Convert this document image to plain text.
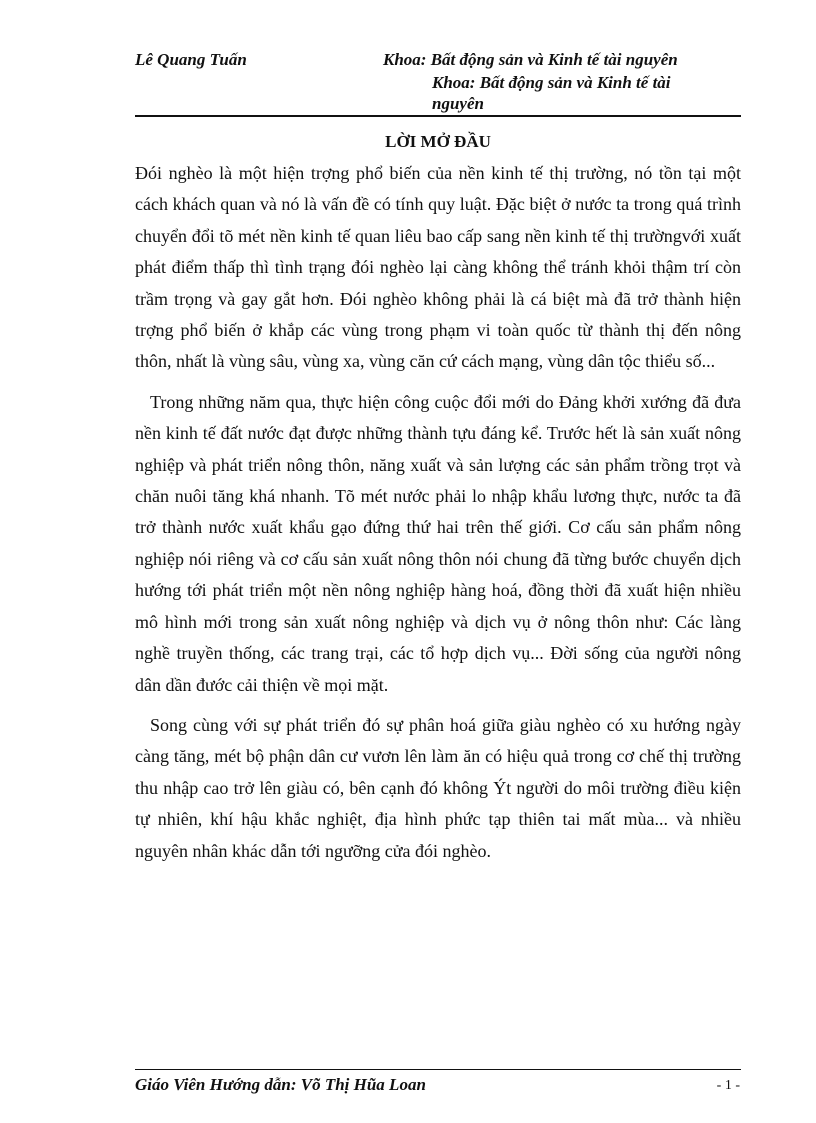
Lê Quang Tuấn	Khoa: Bất động sản và Kinh tế tài nguyên
Khoa: Bất động sản và Kinh tế tài nguyên
LỜI MỞ ĐẦU

Đói nghèo là một hiện trợng phổ biến của nền kinh tế thị trường, nó tồn tại một cách khách quan và nó là vấn đề có tính quy luật. Đặc biệt ở nước ta trong quá trình chuyển đổi tõ mét nền kinh tế quan liêu bao cấp sang nền kinh tế thị trườngvới xuất phát điểm thấp thì tình trạng đói nghèo lại càng không thể tránh khỏi thậm trí còn trầm trọng và gay gắt hơn. Đói nghèo không phải là cá biệt mà đã trở thành hiện trợng phổ biến ở khắp các vùng trong phạm vi toàn quốc từ thành thị đến nông thôn, nhất là vùng sâu, vùng xa, vùng căn cứ cách mạng, vùng dân tộc thiểu số...

Trong những năm qua, thực hiện công cuộc đổi mới do Đảng khởi xướng đã đưa nền kinh tế đất nước đạt được những thành tựu đáng kể. Trước hết là sản xuất nông nghiệp và phát triển nông thôn, năng xuất và sản lượng các sản phẩm trồng trọt và chăn nuôi tăng khá nhanh. Tõ mét nước phải lo nhập khẩu lương thực, nước ta đã trở thành nước xuất khẩu gạo đứng thứ hai trên thế giới. Cơ cấu sản phẩm nông nghiệp nói riêng và cơ cấu sản xuất nông thôn nói chung đã từng bước chuyển dịch hướng tới phát triển một nền nông nghiệp hàng hoá, đồng thời đã xuất hiện nhiều mô hình mới trong sản xuất nông nghiệp và dịch vụ ở nông thôn như: Các làng nghề truyền thống, các trang trại, các tổ hợp dịch vụ... Đời sống của người nông dân dần đước cải thiện về mọi mặt.

Song cùng với sự phát triển đó sự phân hoá giữa giàu nghèo có xu hướng ngày càng tăng, mét bộ phận dân cư vươn lên làm ăn có hiệu quả trong cơ chế thị trường thu nhập cao trở lên giàu có, bên cạnh đó không Ýt người do môi trường điều kiện tự nhiên, khí hậu khắc nghiệt, địa hình phức tạp thiên tai mất mùa... và nhiều nguyên nhân khác dẫn tới ngưỡng cửa đói nghèo.

Giáo Viên Hướng dẫn: Võ Thị Hũa Loan	- 1 -
